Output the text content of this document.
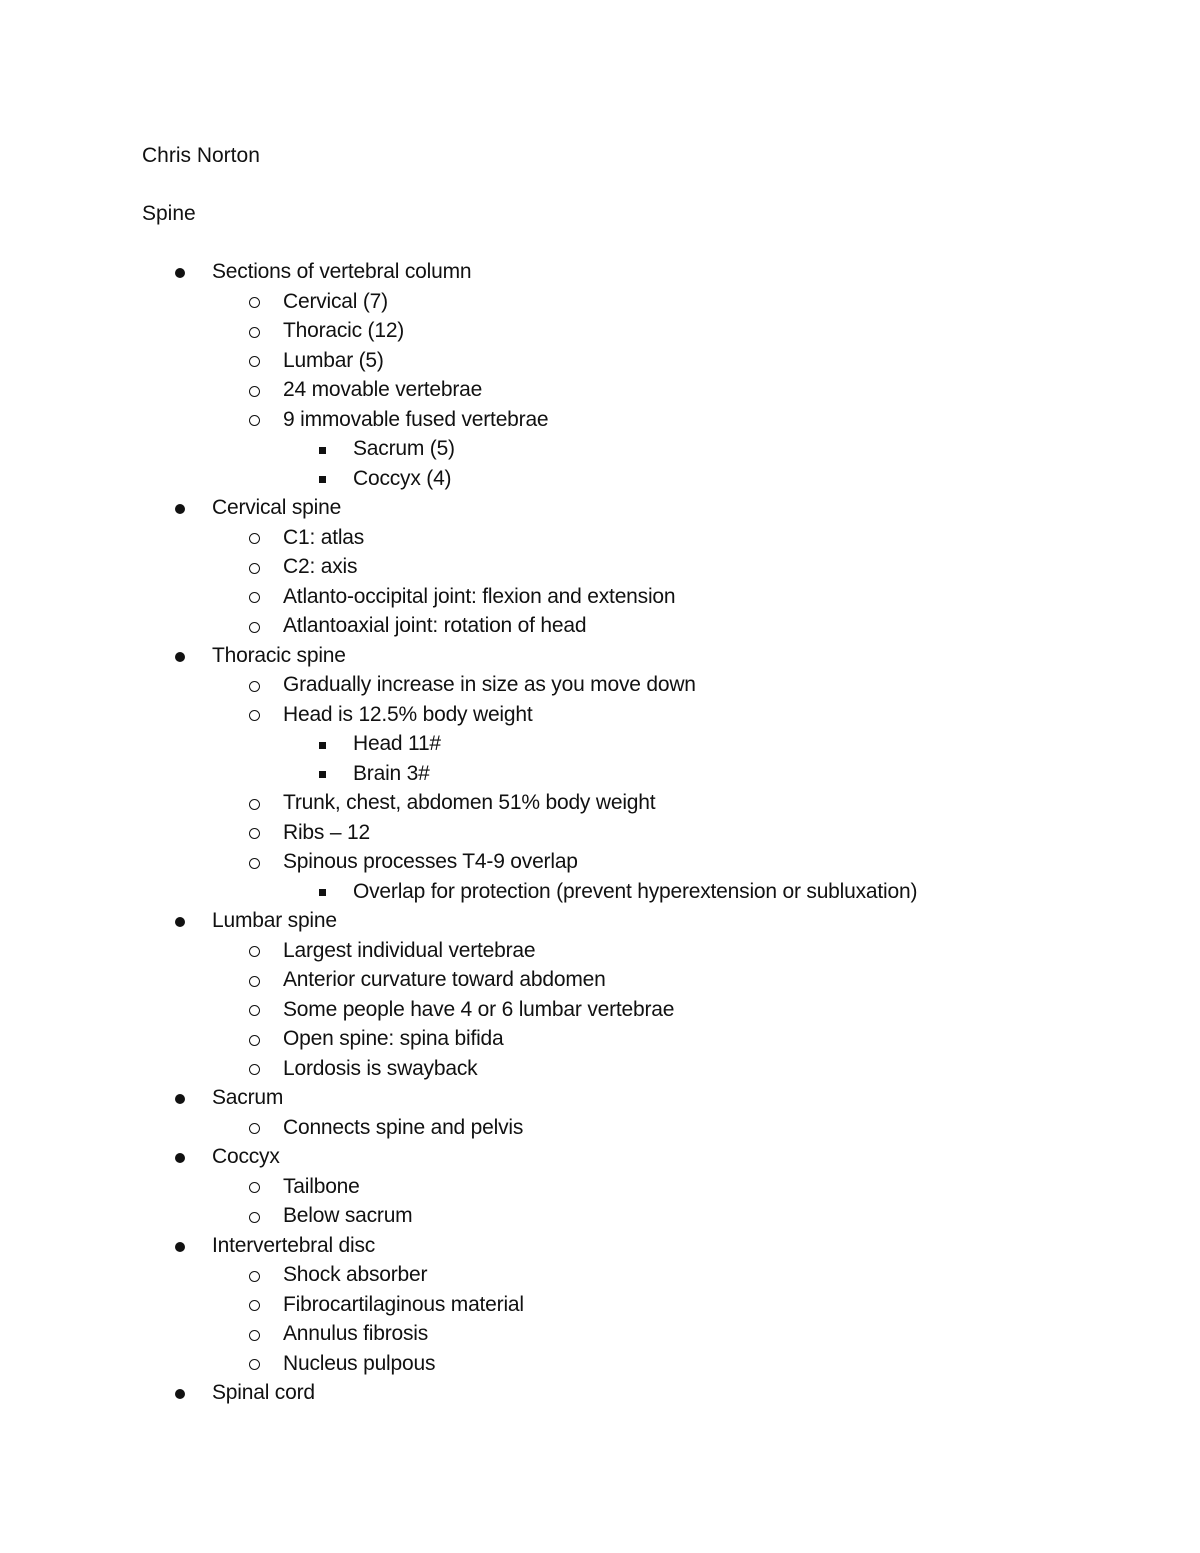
Chris Norton
Spine
Sections of vertebral column
Cervical (7)
Thoracic (12)
Lumbar (5)
24 movable vertebrae
9 immovable fused vertebrae
Sacrum (5)
Coccyx (4)
Cervical spine
C1: atlas
C2: axis
Atlanto-occipital joint: flexion and extension
Atlantoaxial joint: rotation of head
Thoracic spine
Gradually increase in size as you move down
Head is 12.5% body weight
Head 11#
Brain 3#
Trunk, chest, abdomen 51% body weight
Ribs – 12
Spinous processes T4-9 overlap
Overlap for protection (prevent hyperextension or subluxation)
Lumbar spine
Largest individual vertebrae
Anterior curvature toward abdomen
Some people have 4 or 6 lumbar vertebrae
Open spine: spina bifida
Lordosis is swayback
Sacrum
Connects spine and pelvis
Coccyx
Tailbone
Below sacrum
Intervertebral disc
Shock absorber
Fibrocartilaginous material
Annulus fibrosis
Nucleus pulpous
Spinal cord
